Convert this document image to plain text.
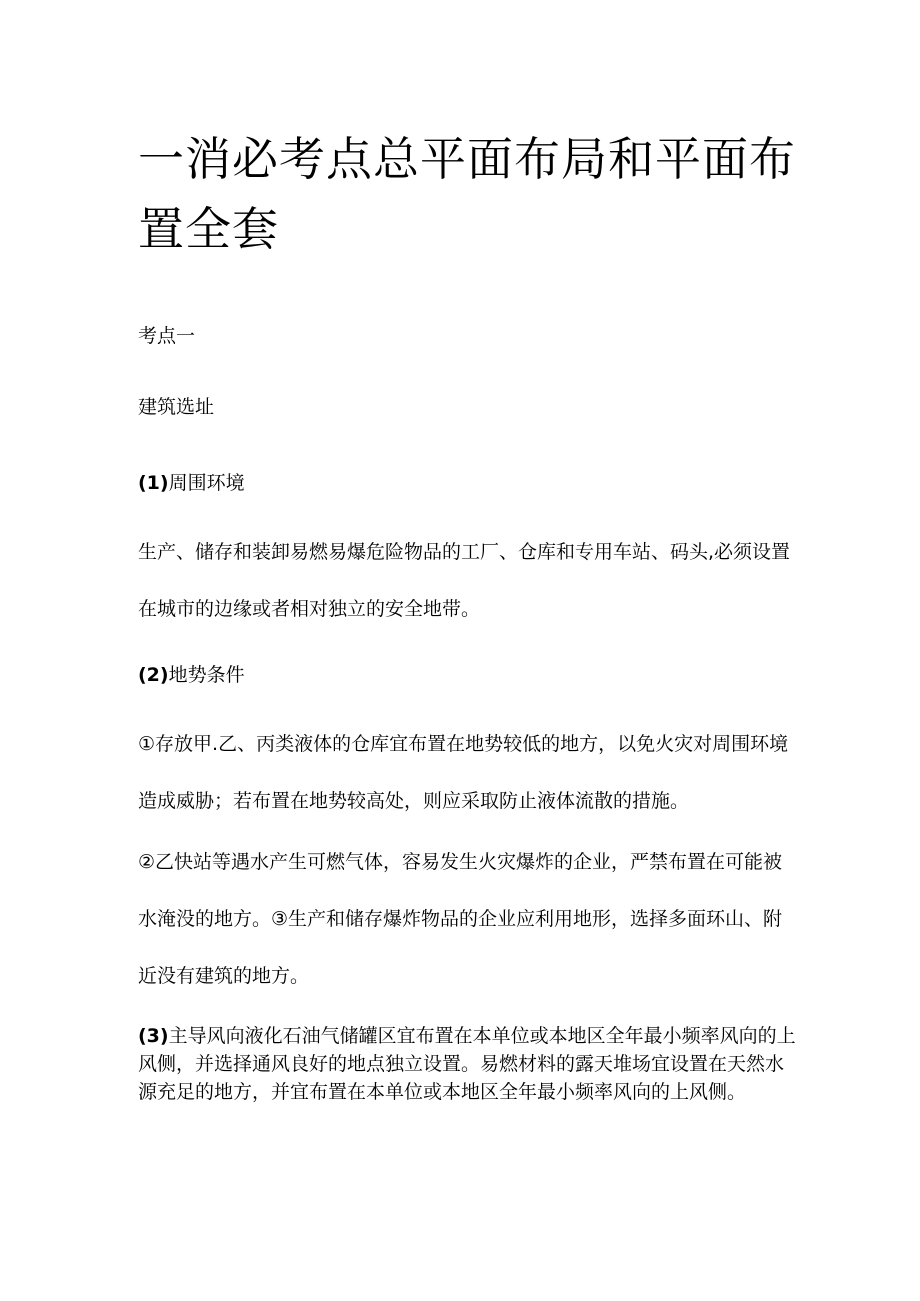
一消必考点总平面布局和平面布置全套

考点一

建筑选址

(1)周围环境

生产、储存和装卸易燃易爆危险物品的工厂、仓库和专用车站、码头,必须设置在城市的边缘或者相对独立的安全地带。

(2)地势条件

①存放甲.乙、丙类液体的仓库宜布置在地势较低的地方，以免火灾对周围环境造成威胁；若布置在地势较高处，则应采取防止液体流散的措施。

②乙快站等遇水产生可燃气体，容易发生火灾爆炸的企业，严禁布置在可能被水淹没的地方。③生产和储存爆炸物品的企业应利用地形，选择多面环山、附近没有建筑的地方。

(3)主导风向液化石油气储罐区宜布置在本单位或本地区全年最小频率风向的上风侧，并选择通风良好的地点独立设置。易燃材料的露天堆场宜设置在天然水源充足的地方，并宜布置在本单位或本地区全年最小频率风向的上风侧。
